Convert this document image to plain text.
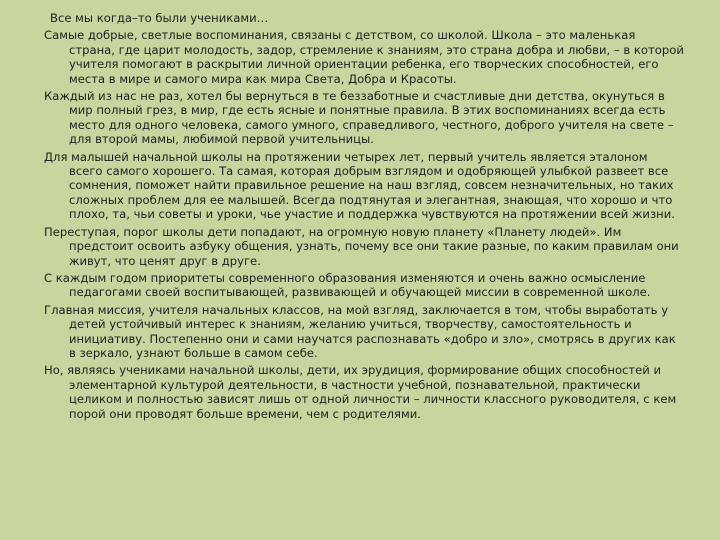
Все мы когда–то были учениками…
Самые добрые, светлые воспоминания, связаны с детством, со школой. Школа – это маленькая страна, где царит молодость, задор, стремление к знаниям, это страна добра и любви, – в которой учителя помогают в раскрытии личной ориентации ребенка, его творческих способностей, его места в мире и самого мира как мира Света, Добра и Красоты.
Каждый из нас не раз, хотел бы вернуться в те беззаботные и счастливые дни детства, окунуться в мир полный грез, в мир, где есть ясные и понятные правила. В этих воспоминаниях всегда есть место для одного человека, самого умного, справедливого, честного, доброго учителя на свете – для второй мамы, любимой первой учительницы.
Для малышей начальной школы на протяжении четырех лет, первый учитель является эталоном всего самого хорошего. Та самая, которая добрым взглядом и одобряющей улыбкой развеет все сомнения, поможет найти правильное решение на наш взгляд, совсем незначительных, но таких сложных проблем для ее малышей. Всегда подтянутая и элегантная, знающая, что хорошо и что плохо, та, чьи советы и уроки, чье участие и поддержка чувствуются на протяжении всей жизни.
Переступая, порог школы дети попадают, на огромную новую планету «Планету людей». Им предстоит освоить азбуку общения, узнать, почему все они такие разные, по каким правилам они живут, что ценят друг в друге.
С каждым годом приоритеты современного образования изменяются и очень важно осмысление педагогами своей воспитывающей, развивающей и обучающей миссии в современной школе.
Главная миссия, учителя начальных классов, на мой взгляд, заключается в том, чтобы выработать у детей устойчивый интерес к знаниям, желанию учиться, творчеству, самостоятельность и инициативу. Постепенно они и сами научатся распознавать «добро и зло», смотрясь в других как в зеркало, узнают больше в самом себе.
Но, являясь учениками начальной школы, дети, их эрудиция, формирование общих способностей и элементарной культурой деятельности, в частности учебной, познавательной, практически целиком и полностью зависят лишь от одной личности – личности классного руководителя, с кем порой они проводят больше времени, чем с родителями.
